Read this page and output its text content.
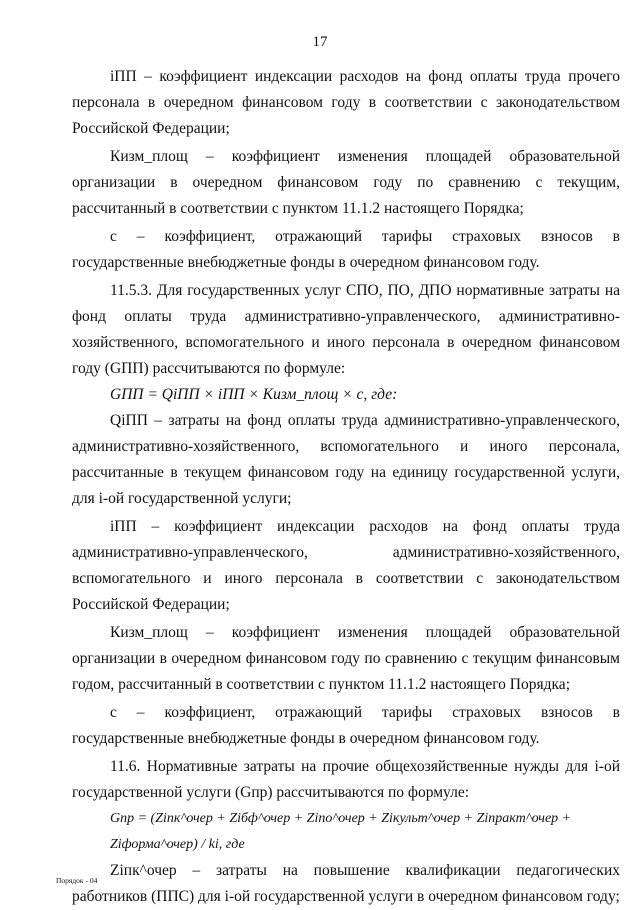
17

iПП – коэффициент индексации расходов на фонд оплаты труда прочего персонала в очередном финансовом году в соответствии с законодательством Российской Федерации;

Кизм_площ – коэффициент изменения площадей образовательной организации в очередном финансовом году по сравнению с текущим, рассчитанный в соответствии с пунктом 11.1.2 настоящего Порядка;

с – коэффициент, отражающий тарифы страховых взносов в государственные внебюджетные фонды в очередном финансовом году.

11.5.3. Для государственных услуг СПО, ПО, ДПО нормативные затраты на фонд оплаты труда административно-управленческого, административно-хозяйственного, вспомогательного и иного персонала в очередном финансовом году (GПП) рассчитываются по формуле:

GПП = QiПП × iПП × Кизм_площ × c, где:

QiПП – затраты на фонд оплаты труда административно-управленческого, административно-хозяйственного, вспомогательного и иного персонала, рассчитанные в текущем финансовом году на единицу государственной услуги, для i-ой государственной услуги;

iПП – коэффициент индексации расходов на фонд оплаты труда административно-управленческого, административно-хозяйственного, вспомогательного и иного персонала в соответствии с законодательством Российской Федерации;

Кизм_площ – коэффициент изменения площадей образовательной организации в очередном финансовом году по сравнению с текущим финансовым годом, рассчитанный в соответствии с пунктом 11.1.2 настоящего Порядка;

с – коэффициент, отражающий тарифы страховых взносов в государственные внебюджетные фонды в очередном финансовом году.

11.6. Нормативные затраты на прочие общехозяйственные нужды для i-ой государственной услуги (Gпр) рассчитываются по формуле:

Gпр = (Ziпк^очер + Ziбф^очер + Ziпо^очер + Ziкульт^очер + Ziпракт^очер + Ziформа^очер) / ki, где

Ziпк^очер – затраты на повышение квалификации педагогических работников (ППС) для i-ой государственной услуги в очередном финансовом году;

Порядок - 04
